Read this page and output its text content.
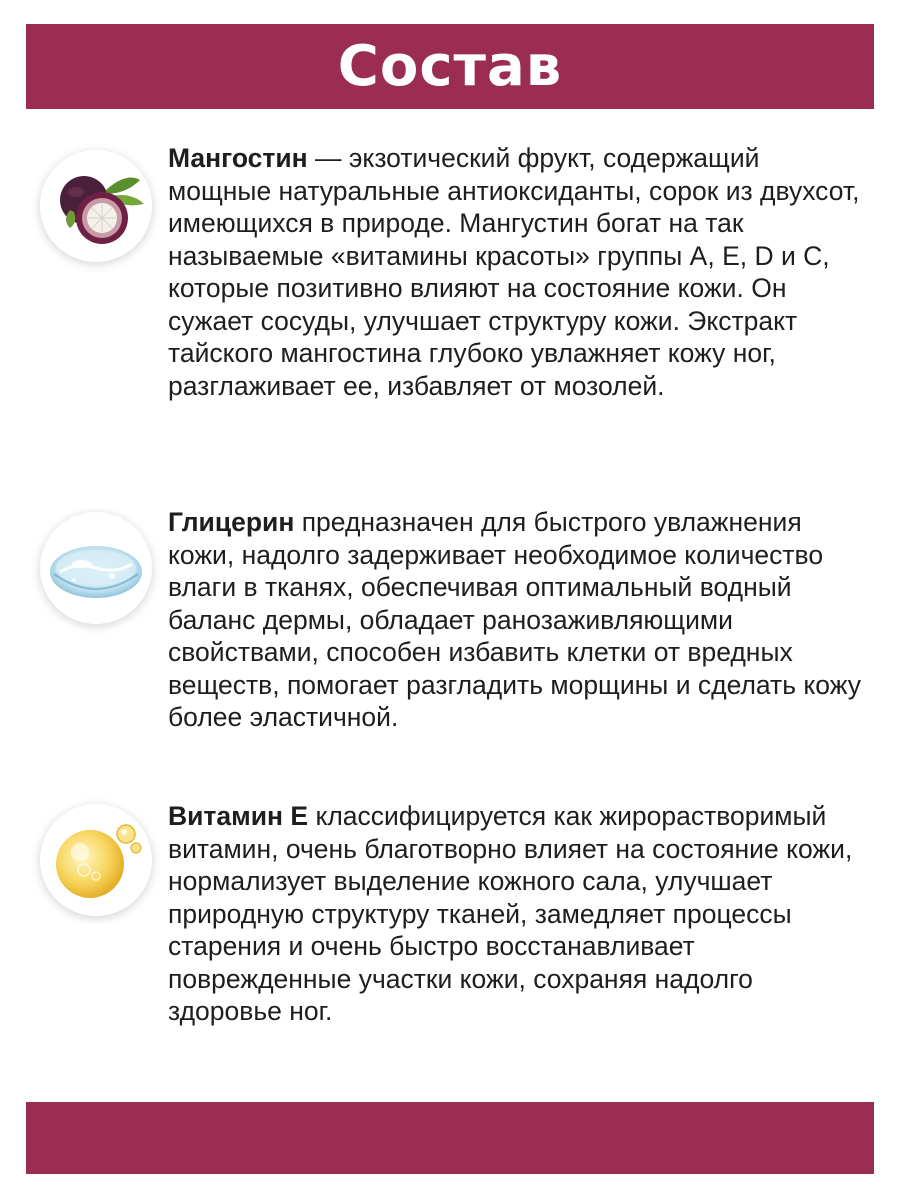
Состав

Мангостин — экзотический фрукт, содержащий мощные натуральные антиоксиданты, сорок из двухсот, имеющихся в природе. Мангустин богат на так называемые «витамины красоты» группы А, Е, D и С, которые позитивно влияют на состояние кожи. Он сужает сосуды, улучшает структуру кожи. Экстракт тайского мангостина глубоко увлажняет кожу ног, разглаживает ее, избавляет от мозолей.

Глицерин предназначен для быстрого увлажнения кожи, надолго задерживает необходимое количество влаги в тканях, обеспечивая оптимальный водный баланс дермы, обладает ранозаживляющими свойствами, способен избавить клетки от вредных веществ, помогает разгладить морщины и сделать кожу более эластичной.

Витамин Е классифицируется как жирорастворимый витамин, очень благотворно влияет на состояние кожи, нормализует выделение кожного сала, улучшает природную структуру тканей, замедляет процессы старения и очень быстро восстанавливает поврежденные участки кожи, сохраняя надолго здоровье ног.
